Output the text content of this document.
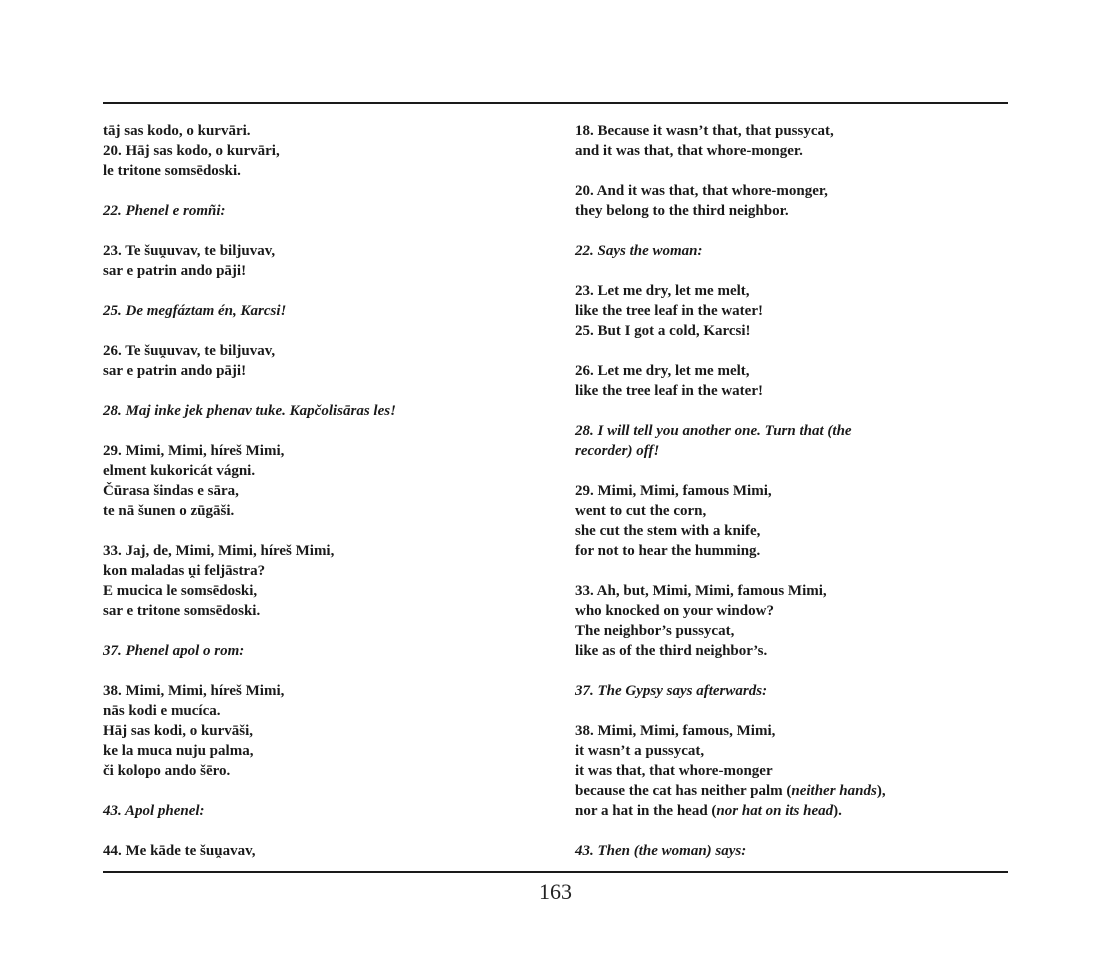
tāj sas kodo, o kurvāri.
20. Hāj sas kodo, o kurvāri,
le tritone somsēdoski.
22. Phenel e romñi:
23. Te šuṷuvav, te biljuvav,
sar e patrin ando pāji!
25. De megfáztam én, Karcsi!
26. Te šuṷuvav, te biljuvav,
sar e patrin ando pāji!
28. Maj inke jek phenav tuke. Kapčolisāras les!
29. Mimi, Mimi, híreš Mimi,
elment kukoricát vágni.
Čūrasa šindas e sāra,
te nā šunen o zūgāši.
33. Jaj, de, Mimi, Mimi, híreš Mimi,
kon maladas ṷi feljāstra?
E mucica le somsēdoski,
sar e tritone somsēdoski.
37. Phenel apol o rom:
38. Mimi, Mimi, híreš Mimi,
nās kodi e mucíca.
Hāj sas kodi, o kurvāši,
ke la muca nuju palma,
či kolopo ando šēro.
43. Apol phenel:
44. Me kāde te šuṷavav,
18. Because it wasn’t that, that pussycat,
and it was that, that whore-monger.
20. And it was that, that whore-monger,
they belong to the third neighbor.
22. Says the woman:
23. Let me dry, let me melt,
like the tree leaf in the water!
25. But I got a cold, Karcsi!
26. Let me dry, let me melt,
like the tree leaf in the water!
28. I will tell you another one. Turn that (the
recorder) off!
29. Mimi, Mimi, famous Mimi,
went to cut the corn,
she cut the stem with a knife,
for not to hear the humming.
33. Ah, but, Mimi, Mimi, famous Mimi,
who knocked on your window?
The neighbor’s pussycat,
like as of the third neighbor’s.
37. The Gypsy says afterwards:
38. Mimi, Mimi, famous, Mimi,
it wasn’t a pussycat,
it was that, that whore-monger
because the cat has neither palm (neither hands),
nor a hat in the head (nor hat on its head).
43. Then (the woman) says:
163
